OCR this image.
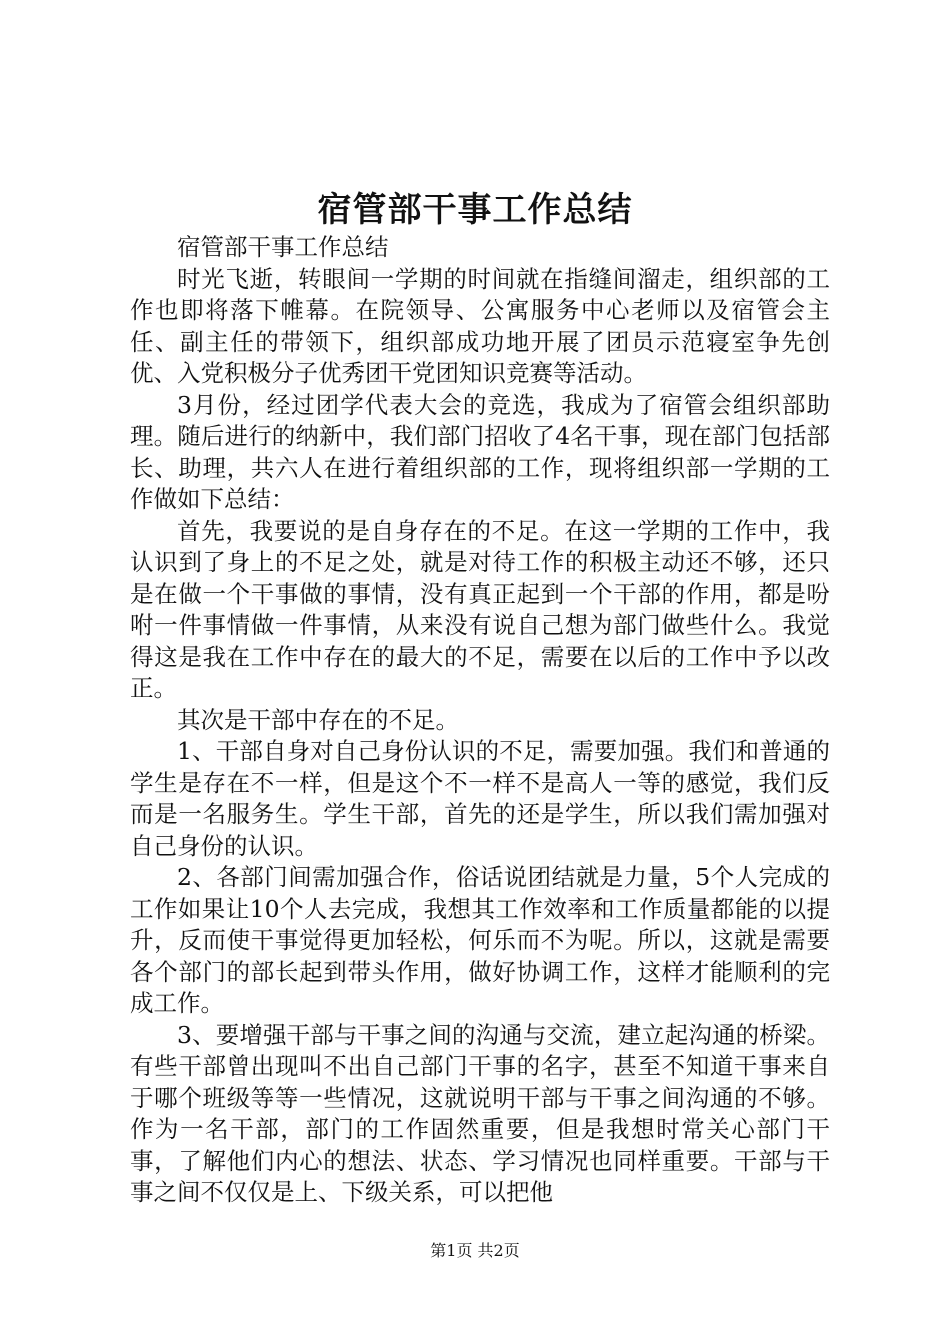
宿管部干事工作总结

宿管部干事工作总结

时光飞逝，转眼间一学期的时间就在指缝间溜走，组织部的工作也即将落下帷幕。在院领导、公寓服务中心老师以及宿管会主任、副主任的带领下，组织部成功地开展了团员示范寝室争先创优、入党积极分子优秀团干党团知识竞赛等活动。

3月份，经过团学代表大会的竞选，我成为了宿管会组织部助理。随后进行的纳新中，我们部门招收了4名干事，现在部门包括部长、助理，共六人在进行着组织部的工作，现将组织部一学期的工作做如下总结：

首先，我要说的是自身存在的不足。在这一学期的工作中，我认识到了身上的不足之处，就是对待工作的积极主动还不够，还只是在做一个干事做的事情，没有真正起到一个干部的作用，都是吩咐一件事情做一件事情，从来没有说自己想为部门做些什么。我觉得这是我在工作中存在的最大的不足，需要在以后的工作中予以改正。

其次是干部中存在的不足。

1、干部自身对自己身份认识的不足，需要加强。我们和普通的学生是存在不一样，但是这个不一样不是高人一等的感觉，我们反而是一名服务生。学生干部，首先的还是学生，所以我们需加强对自己身份的认识。

2、各部门间需加强合作，俗话说团结就是力量，5个人完成的工作如果让10个人去完成，我想其工作效率和工作质量都能的以提升，反而使干事觉得更加轻松，何乐而不为呢。所以，这就是需要各个部门的部长起到带头作用，做好协调工作，这样才能顺利的完成工作。

3、要增强干部与干事之间的沟通与交流，建立起沟通的桥梁。有些干部曾出现叫不出自己部门干事的名字，甚至不知道干事来自于哪个班级等等一些情况，这就说明干部与干事之间沟通的不够。作为一名干部，部门的工作固然重要，但是我想时常关心部门干事，了解他们内心的想法、状态、学习情况也同样重要。干部与干事之间不仅仅是上、下级关系，可以把他

第1页 共2页
